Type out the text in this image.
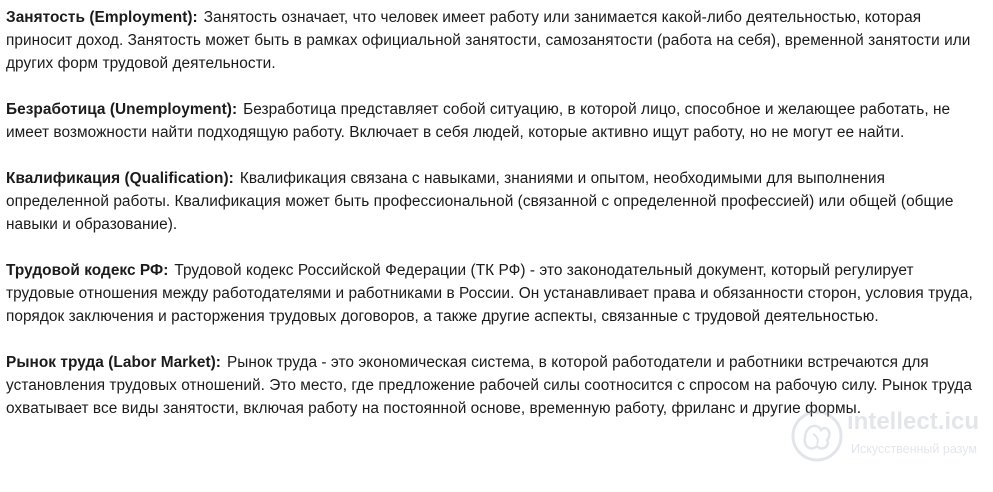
Занятость (Employment): Занятость означает, что человек имеет работу или занимается какой-либо деятельностью, которая приносит доход. Занятость может быть в рамках официальной занятости, самозанятости (работа на себя), временной занятости или других форм трудовой деятельности.

Безработица (Unemployment): Безработица представляет собой ситуацию, в которой лицо, способное и желающее работать, не имеет возможности найти подходящую работу. Включает в себя людей, которые активно ищут работу, но не могут ее найти.

Квалификация (Qualification): Квалификация связана с навыками, знаниями и опытом, необходимыми для выполнения определенной работы. Квалификация может быть профессиональной (связанной с определенной профессией) или общей (общие навыки и образование).

Трудовой кодекс РФ: Трудовой кодекс Российской Федерации (ТК РФ) - это законодательный документ, который регулирует трудовые отношения между работодателями и работниками в России. Он устанавливает права и обязанности сторон, условия труда, порядок заключения и расторжения трудовых договоров, а также другие аспекты, связанные с трудовой деятельностью.

Рынок труда (Labor Market): Рынок труда - это экономическая система, в которой работодатели и работники встречаются для установления трудовых отношений. Это место, где предложение рабочей силы соотносится с спросом на рабочую силу. Рынок труда охватывает все виды занятости, включая работу на постоянной основе, временную работу, фриланс и другие формы.

intellect.icu
Искусственный разум
